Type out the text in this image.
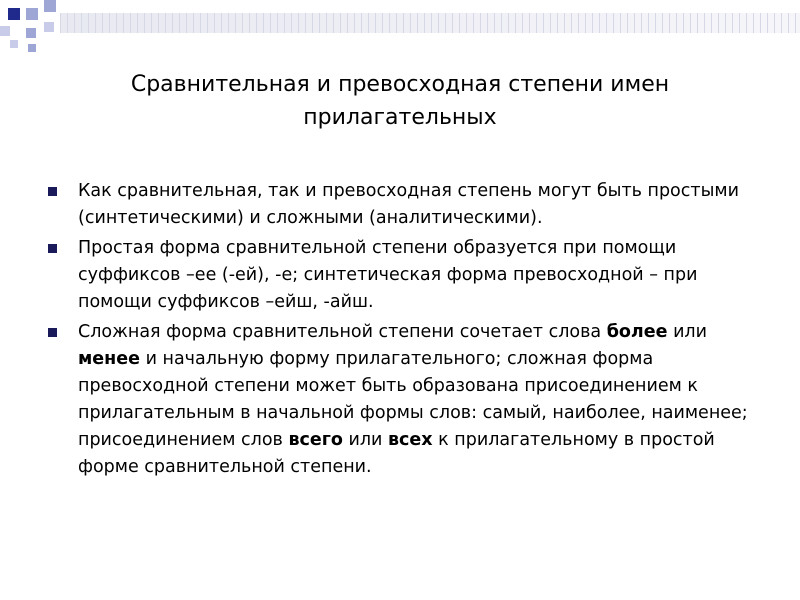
Сравнительная и превосходная степени имен прилагательных
Как сравнительная, так и превосходная степень могут быть простыми (синтетическими) и сложными (аналитическими).
Простая форма сравнительной степени образуется при помощи суффиксов –ее (-ей), -е; синтетическая форма превосходной – при помощи суффиксов –ейш, -айш.
Сложная форма сравнительной степени сочетает слова более или менее и начальную форму прилагательного; сложная форма превосходной степени может быть образована присоединением к прилагательным в начальной формы слов: самый, наиболее, наименее; присоединением слов всего или всех к прилагательному в простой форме сравнительной степени.
